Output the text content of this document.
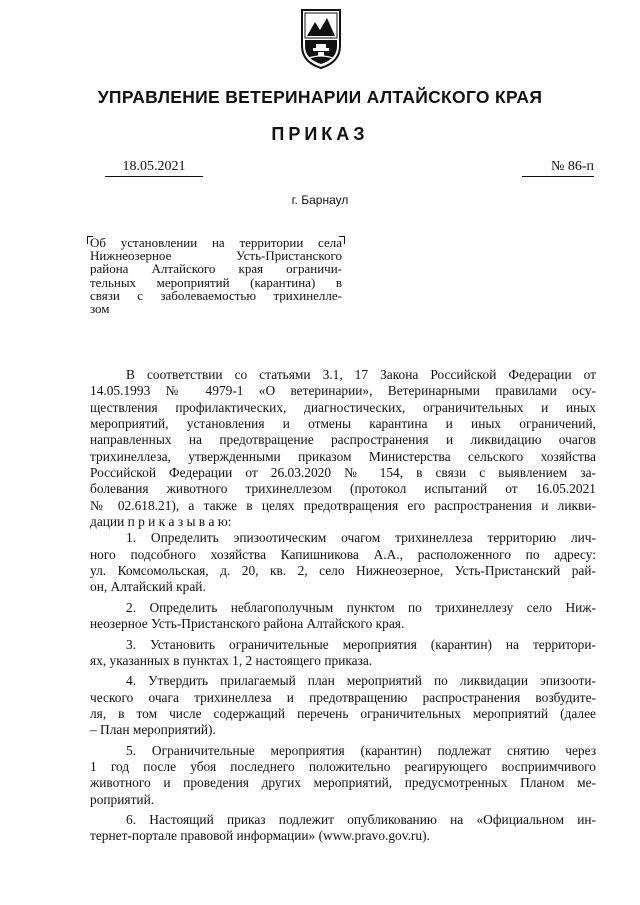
УПРАВЛЕНИЕ ВЕТЕРИНАРИИ АЛТАЙСКОГО КРАЯ
ПРИКАЗ
18.05.2021	№ 86-п
г. Барнаул

Об установлении на территории села

Нижнеозерное Усть-Пристанского

района Алтайского края ограничи-

тельных мероприятий (карантина) в

связи с заболеваемостью трихинелле-

зом

В соответствии со статьями 3.1, 17 Закона Российской Федерации от

14.05.1993 № 4979-1 «О ветеринарии», Ветеринарными правилами осу-

ществления профилактических, диагностических, ограничительных и иных

мероприятий, установления и отмены карантина и иных ограничений,

направленных на предотвращение распространения и ликвидацию очагов

трихинеллеза, утвержденными приказом Министерства сельского хозяйства

Российской Федерации от 26.03.2020 № 154, в связи с выявлением за-

болевания животного трихинеллезом (протокол испытаний от 16.05.2021

№ 02.618.21), а также в целях предотвращения его распространения и ликви-

дации п р и к а з ы в а ю:

1. Определить эпизоотическим очагом трихинеллеза территорию лич-

ного подсобного хозяйства Капишникова А.А., расположенного по адресу:

ул. Комсомольская, д. 20, кв. 2, село Нижнеозерное, Усть-Пристанский рай-

он, Алтайский край.

2. Определить неблагополучным пунктом по трихинеллезу село Ниж-

неозерное Усть-Пристанского района Алтайского края.

3. Установить ограничительные мероприятия (карантин) на территори-

ях, указанных в пунктах 1, 2 настоящего приказа.

4. Утвердить прилагаемый план мероприятий по ликвидации эпизооти-

ческого очага трихинеллеза и предотвращению распространения возбудите-

ля, в том числе содержащий перечень ограничительных мероприятий (далее

– План мероприятий).

5. Ограничительные мероприятия (карантин) подлежат снятию через

1 год после убоя последнего положительно реагирующего восприимчивого

животного и проведения других мероприятий, предусмотренных Планом ме-

роприятий.

6. Настоящий приказ подлежит опубликованию на «Официальном ин-

тернет-портале правовой информации» (www.pravo.gov.ru).
